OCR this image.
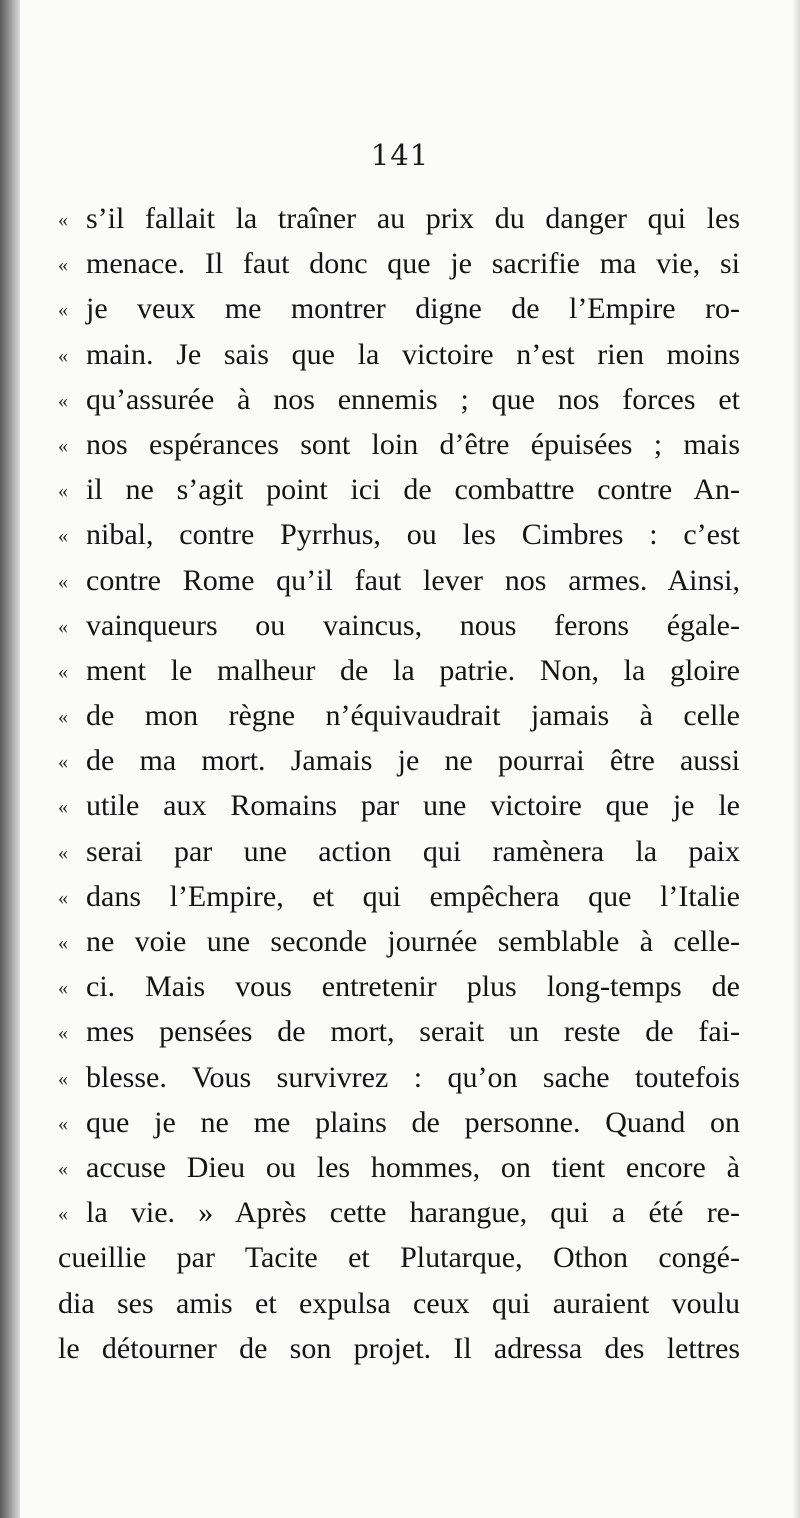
141
« s’il fallait la traîner au prix du danger qui les
« menace. Il faut donc que je sacrifie ma vie, si
« je veux me montrer digne de l’Empire ro-
« main. Je sais que la victoire n’est rien moins
« qu’assurée à nos ennemis ; que nos forces et
« nos espérances sont loin d’être épuisées ; mais
« il ne s’agit point ici de combattre contre An-
« nibal, contre Pyrrhus, ou les Cimbres : c’est
« contre Rome qu’il faut lever nos armes. Ainsi,
« vainqueurs ou vaincus, nous ferons égale-
« ment le malheur de la patrie. Non, la gloire
« de mon règne n’équivaudrait jamais à celle
« de ma mort. Jamais je ne pourrai être aussi
« utile aux Romains par une victoire que je le
« serai par une action qui ramènera la paix
« dans l’Empire, et qui empêchera que l’Italie
« ne voie une seconde journée semblable à celle-
« ci. Mais vous entretenir plus long-temps de
« mes pensées de mort, serait un reste de fai-
« blesse. Vous survivrez : qu’on sache toutefois
« que je ne me plains de personne. Quand on
« accuse Dieu ou les hommes, on tient encore à
« la vie. » Après cette harangue, qui a été re-
cueillie par Tacite et Plutarque, Othon congé-
dia ses amis et expulsa ceux qui auraient voulu
le détourner de son projet. Il adressa des lettres
